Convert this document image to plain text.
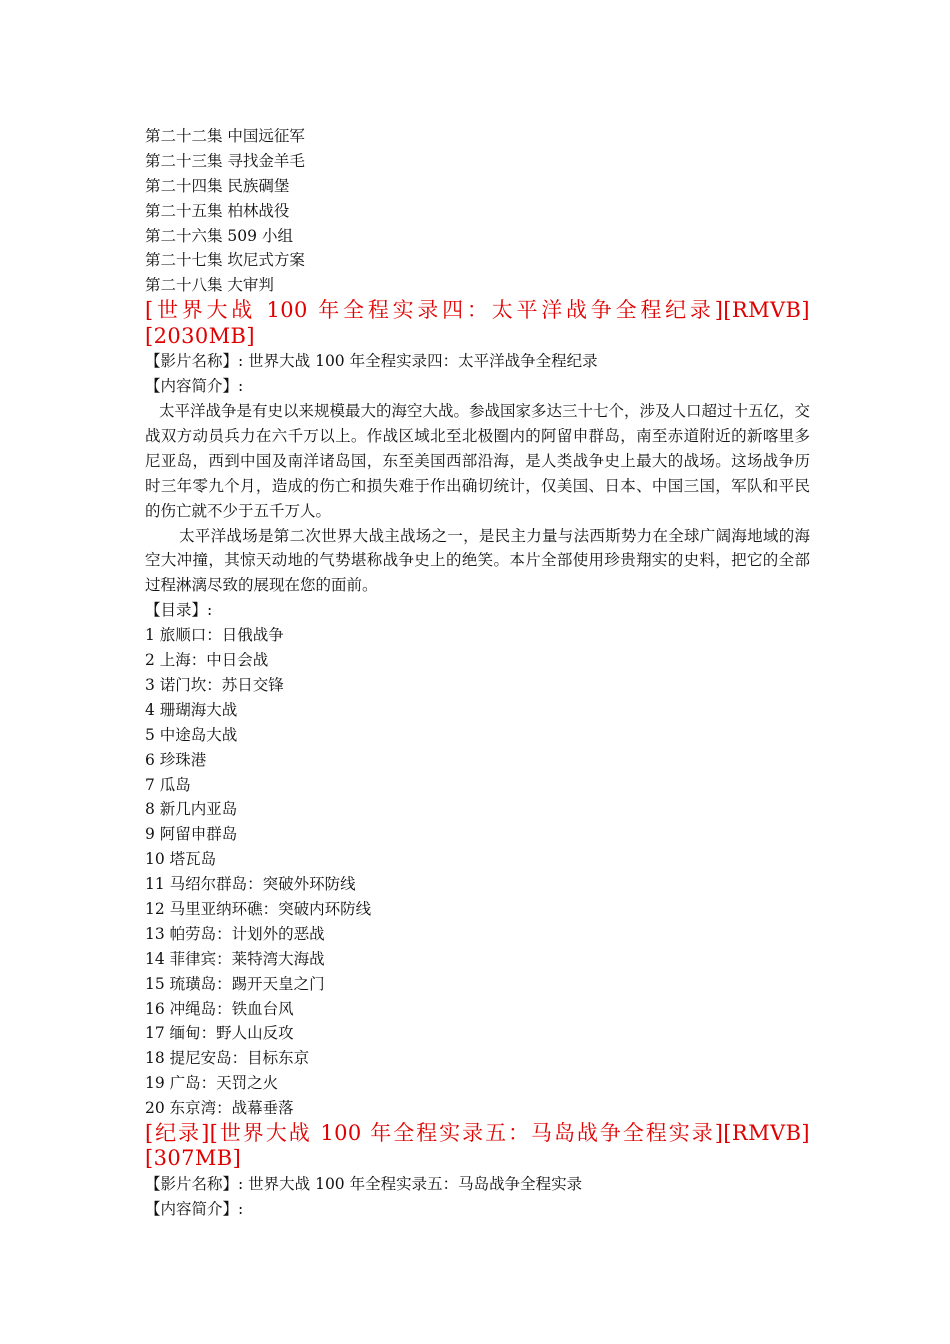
第二十二集 中国远征军
第二十三集 寻找金羊毛
第二十四集 民族碉堡
第二十五集 柏林战役
第二十六集 509 小组
第二十七集 坎尼式方案
第二十八集 大审判
[世界大战 100 年全程实录四：太平洋战争全程纪录][RMVB]
[2030MB]
【影片名称】: 世界大战 100 年全程实录四：太平洋战争全程纪录
【内容简介】:
太平洋战争是有史以来规模最大的海空大战。参战国家多达三十七个，涉及人口超过十五亿，交战双方动员兵力在六千万以上。作战区域北至北极圈内的阿留申群岛，南至赤道附近的新喀里多尼亚岛，西到中国及南洋诸岛国，东至美国西部沿海，是人类战争史上最大的战场。这场战争历时三年零九个月，造成的伤亡和损失难于作出确切统计，仅美国、日本、中国三国，军队和平民的伤亡就不少于五千万人。
太平洋战场是第二次世界大战主战场之一，是民主力量与法西斯势力在全球广阔海地域的海空大冲撞，其惊天动地的气势堪称战争史上的绝笑。本片全部使用珍贵翔实的史料，把它的全部过程淋漓尽致的展现在您的面前。
【目录】:
1 旅顺口：日俄战争
2 上海：中日会战
3 诺门坎：苏日交锋
4 珊瑚海大战
5 中途岛大战
6 珍珠港
7 瓜岛
8 新几内亚岛
9 阿留申群岛
10 塔瓦岛
11 马绍尔群岛：突破外环防线
12 马里亚纳环礁：突破内环防线
13 帕劳岛：计划外的恶战
14 菲律宾：莱特湾大海战
15 琉璜岛：踢开天皇之门
16 冲绳岛：铁血台风
17 缅甸：野人山反攻
18 提尼安岛：目标东京
19 广岛：天罚之火
20 东京湾：战幕垂落
[纪录][世界大战 100 年全程实录五：马岛战争全程实录][RMVB]
[307MB]
【影片名称】: 世界大战 100 年全程实录五：马岛战争全程实录
【内容简介】:
